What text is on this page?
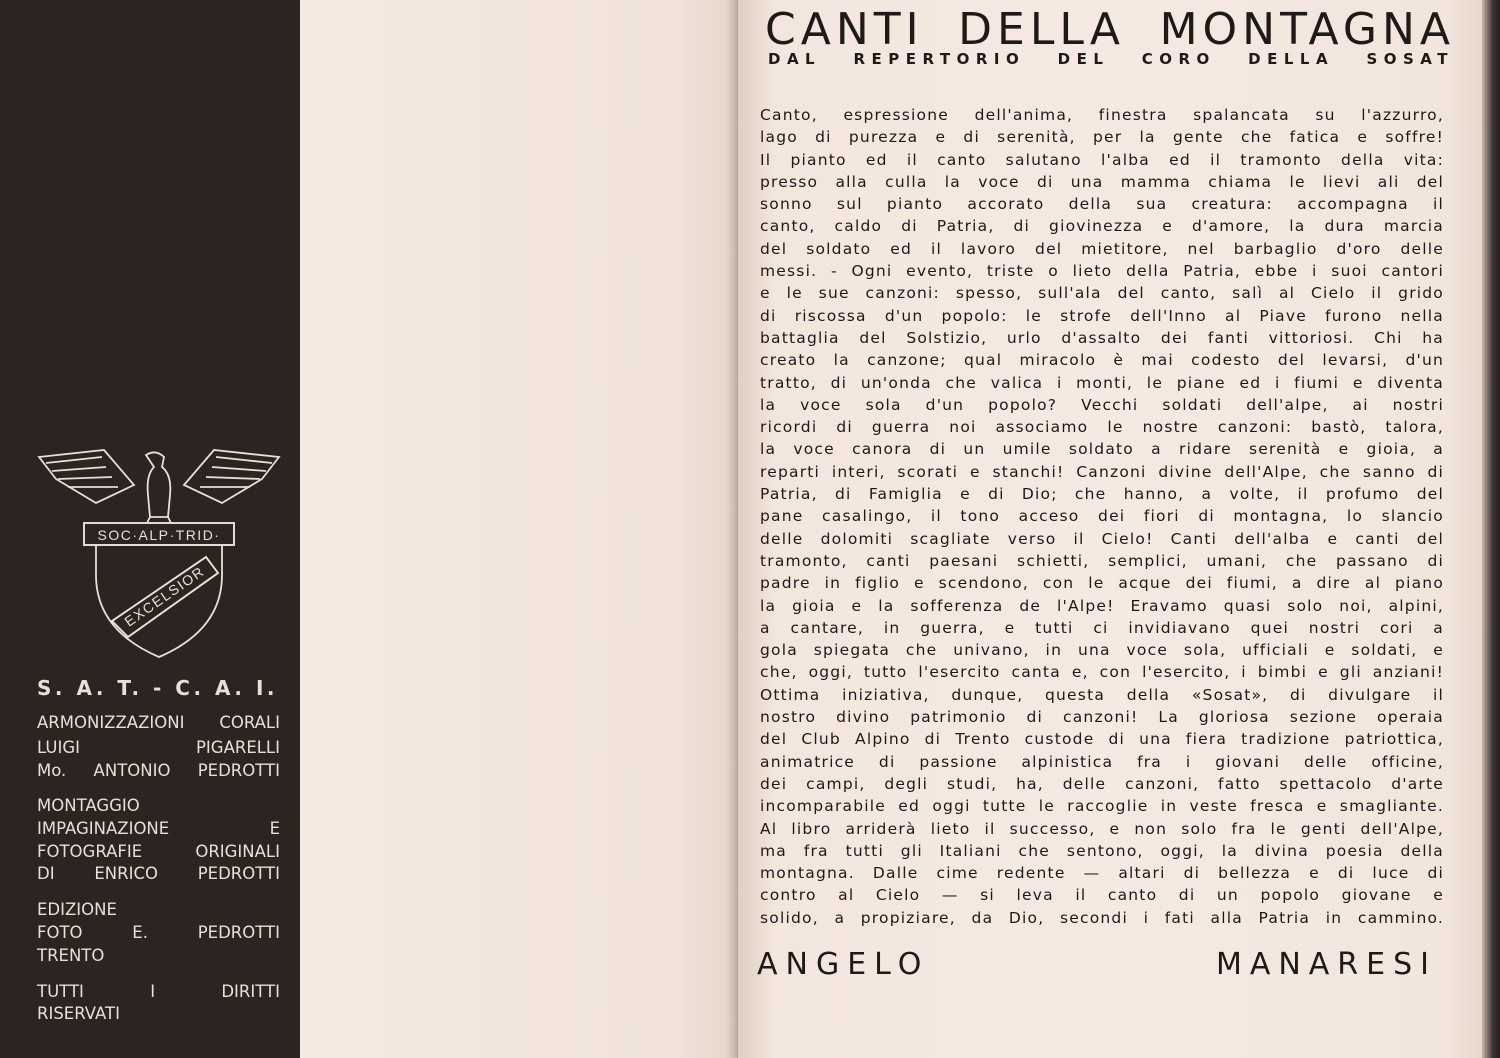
SOC·ALP·TRID·
EXCELSIOR
S. A. T. - C. A. I.
ARMONIZZAZIONI CORALI
LUIGI PIGARELLI
Mo. ANTONIO PEDROTTI
MONTAGGIO
IMPAGINAZIONE E
FOTOGRAFIE ORIGINALI
DI ENRICO PEDROTTI
EDIZIONE
FOTO E. PEDROTTI
TRENTO
TUTTI I DIRITTI
RISERVATI
CANTI DELLA MONTAGNA
DAL REPERTORIO DEL CORO DELLA SOSAT
Canto, espressione dell'anima, finestra spalancata su l'azzurro,
lago di purezza e di serenità, per la gente che fatica e soffre!
Il pianto ed il canto salutano l'alba ed il tramonto della vita:
presso alla culla la voce di una mamma chiama le lievi ali del
sonno sul pianto accorato della sua creatura: accompagna il
canto, caldo di Patria, di giovinezza e d'amore, la dura marcia
del soldato ed il lavoro del mietitore, nel barbaglio d'oro delle
messi. - Ogni evento, triste o lieto della Patria, ebbe i suoi cantori
e le sue canzoni: spesso, sull'ala del canto, salì al Cielo il grido
di riscossa d'un popolo: le strofe dell'Inno al Piave furono nella
battaglia del Solstizio, urlo d'assalto dei fanti vittoriosi. Chi ha
creato la canzone; qual miracolo è mai codesto del levarsi, d'un
tratto, di un'onda che valica i monti, le piane ed i fiumi e diventa
la voce sola d'un popolo? Vecchi soldati dell'alpe, ai nostri
ricordi di guerra noi associamo le nostre canzoni: bastò, talora,
la voce canora di un umile soldato a ridare serenità e gioia, a
reparti interi, scorati e stanchi! Canzoni divine dell'Alpe, che sanno di
Patria, di Famiglia e di Dio; che hanno, a volte, il profumo del
pane casalingo, il tono acceso dei fiori di montagna, lo slancio
delle dolomiti scagliate verso il Cielo! Canti dell'alba e canti del
tramonto, canti paesani schietti, semplici, umani, che passano di
padre in figlio e scendono, con le acque dei fiumi, a dire al piano
la gioia e la sofferenza de l'Alpe! Eravamo quasi solo noi, alpini,
a cantare, in guerra, e tutti ci invidiavano quei nostri cori a
gola spiegata che univano, in una voce sola, ufficiali e soldati, e
che, oggi, tutto l'esercito canta e, con l'esercito, i bimbi e gli anziani!
Ottima iniziativa, dunque, questa della «Sosat», di divulgare il
nostro divino patrimonio di canzoni! La gloriosa sezione operaia
del Club Alpino di Trento custode di una fiera tradizione patriottica,
animatrice di passione alpinistica fra i giovani delle officine,
dei campi, degli studi, ha, delle canzoni, fatto spettacolo d'arte
incomparabile ed oggi tutte le raccoglie in veste fresca e smagliante.
Al libro arriderà lieto il successo, e non solo fra le genti dell'Alpe,
ma fra tutti gli Italiani che sentono, oggi, la divina poesia della
montagna. Dalle cime redente — altari di bellezza e di luce di
contro al Cielo — si leva il canto di un popolo giovane e
solido, a propiziare, da Dio, secondi i fati alla Patria in cammino.
ANGELO	MANARESI
